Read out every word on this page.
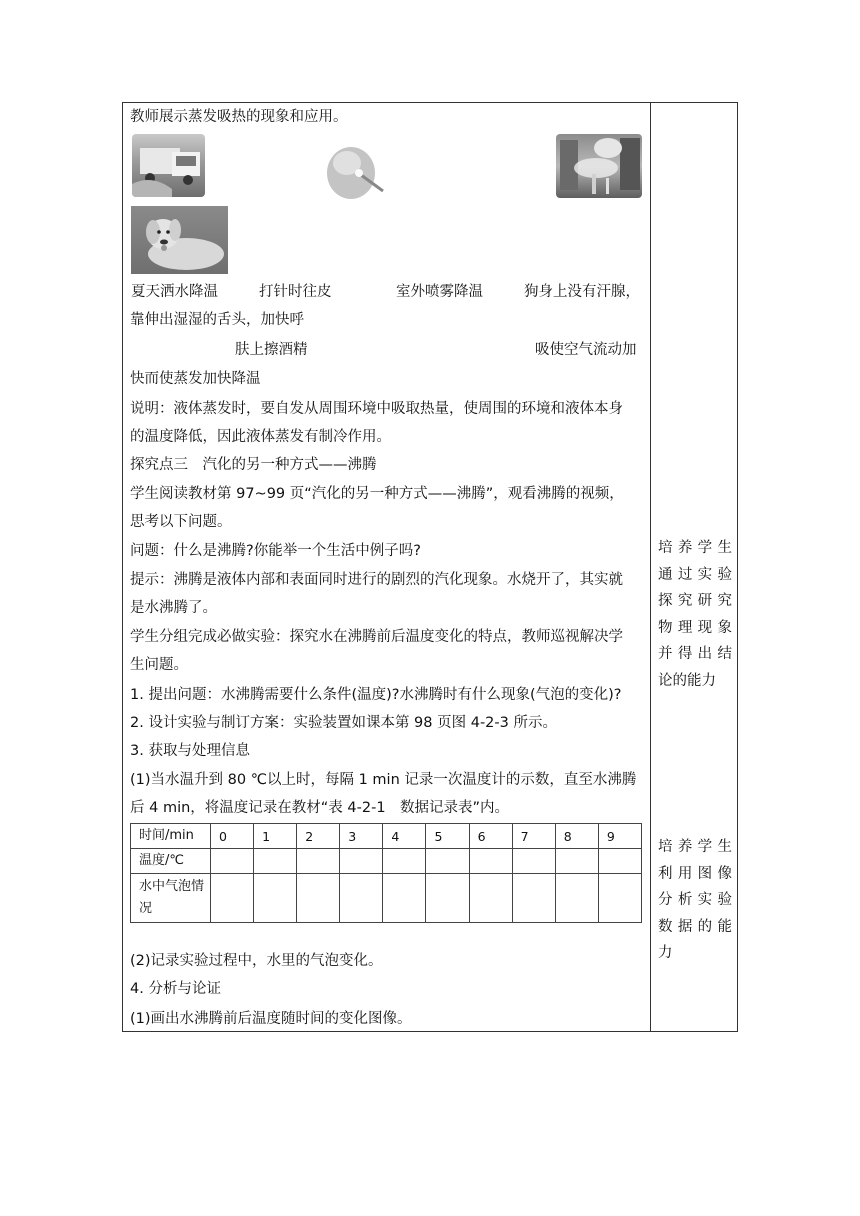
教师展示蒸发吸热的现象和应用。
夏天洒水降温	打针时往皮	室外喷雾降温	狗身上没有汗腺，
靠伸出湿湿的舌头，加快呼
肤上擦酒精	吸使空气流动加
快而使蒸发加快降温
说明：液体蒸发时，要自发从周围环境中吸取热量，使周围的环境和液体本身
的温度降低，因此液体蒸发有制冷作用。
探究点三　汽化的另一种方式——沸腾
学生阅读教材第 97~99 页“汽化的另一种方式——沸腾”，观看沸腾的视频，
思考以下问题。
问题：什么是沸腾?你能举一个生活中例子吗?
提示：沸腾是液体内部和表面同时进行的剧烈的汽化现象。水烧开了，其实就
是水沸腾了。
学生分组完成必做实验：探究水在沸腾前后温度变化的特点，教师巡视解决学
生问题。
1. 提出问题：水沸腾需要什么条件(温度)?水沸腾时有什么现象(气泡的变化)?
2. 设计实验与制订方案：实验装置如课本第 98 页图 4-2-3 所示。
3. 获取与处理信息
(1)当水温升到 80 ℃以上时，每隔 1 min 记录一次温度计的示数，直至水沸腾
后 4 min，将温度记录在教材“表 4-2-1　数据记录表”内。
时间/min	0	1	2	3	4	5	6	7	8	9
温度/℃										
水中气泡情
况										
(2)记录实验过程中，水里的气泡变化。
4. 分析与论证
(1)画出水沸腾前后温度随时间的变化图像。
培养学生
通过实验
探究研究
物理现象
并得出结
论的能力
培养学生
利用图像
分析实验
数据的能
力
